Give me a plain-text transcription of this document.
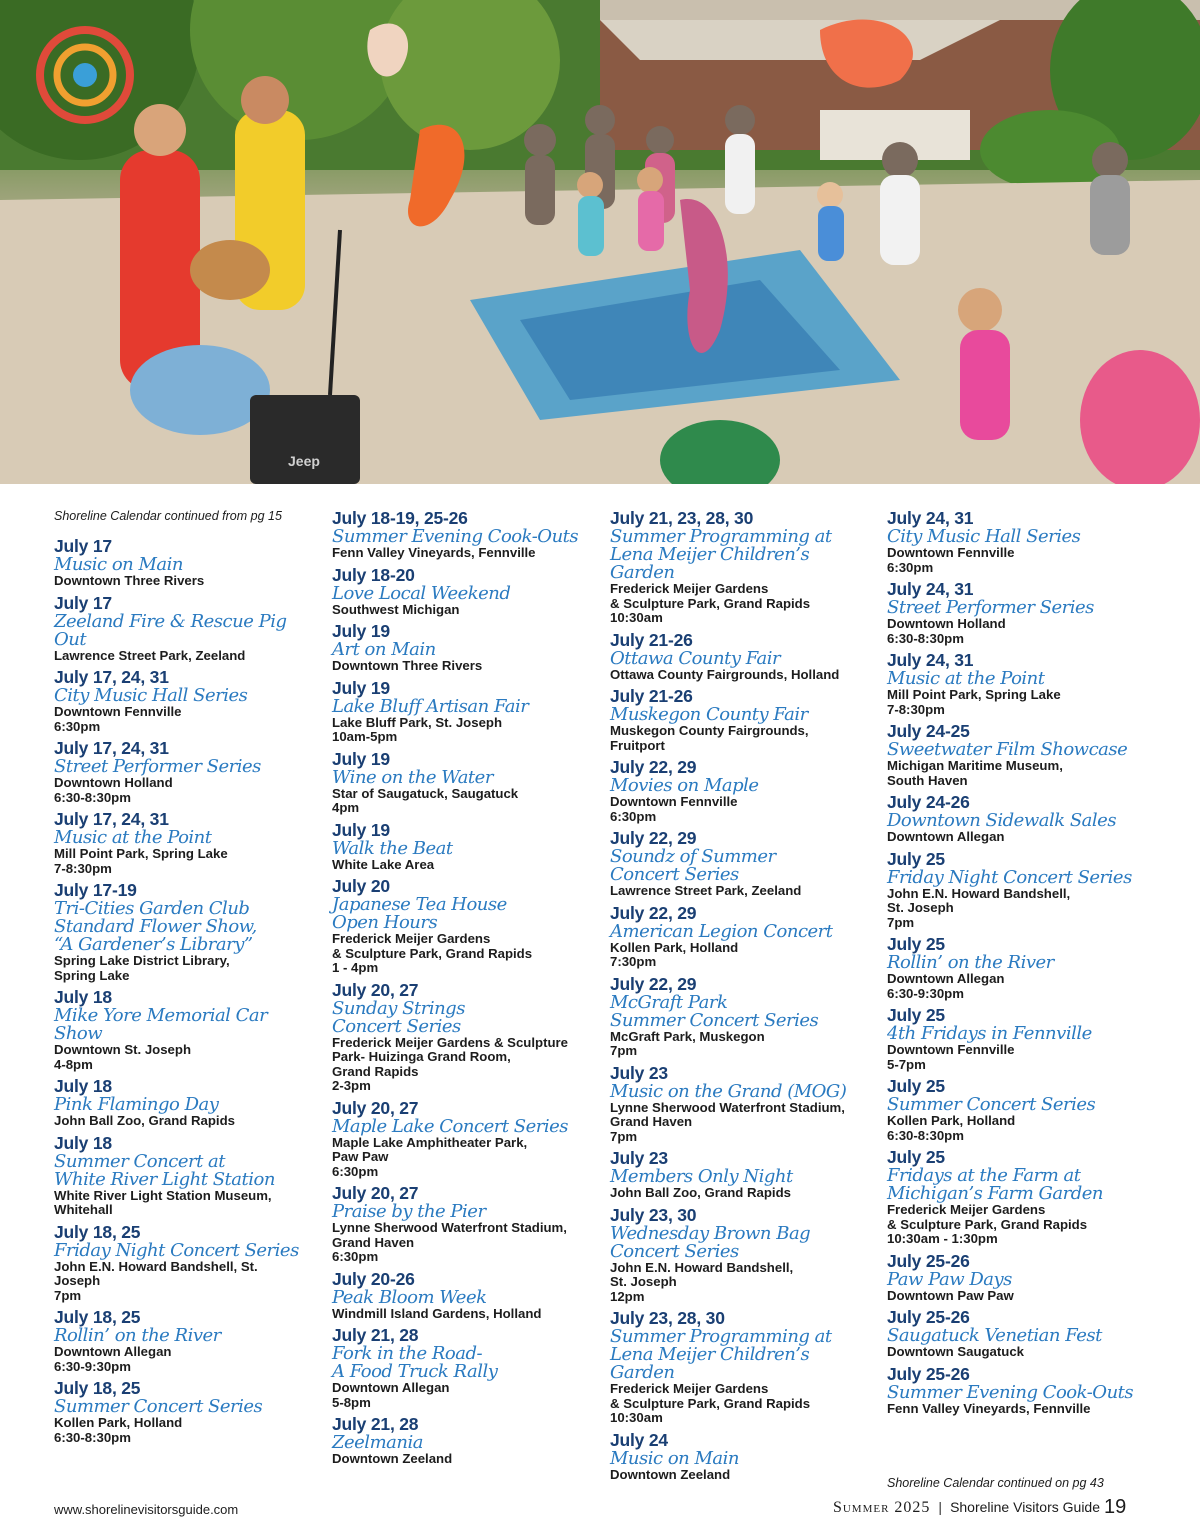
Jeep
Shoreline Calendar continued from pg 15
July 17
Music on Main
Downtown Three Rivers
July 17
Zeeland Fire & Rescue Pig Out
Lawrence Street Park, Zeeland
July 17, 24, 31
City Music Hall Series
Downtown Fennville
6:30pm
July 17, 24, 31
Street Performer Series
Downtown Holland
6:30-8:30pm
July 17, 24, 31
Music at the Point
Mill Point Park, Spring Lake
7-8:30pm
July 17-19
Tri-Cities Garden Club
Standard Flower Show,
“A Gardener’s Library”
Spring Lake District Library,
Spring Lake
July 18
Mike Yore Memorial Car Show
Downtown St. Joseph
4-8pm
July 18
Pink Flamingo Day
John Ball Zoo, Grand Rapids
July 18
Summer Concert at
White River Light Station
White River Light Station Museum,
Whitehall
July 18, 25
Friday Night Concert Series
John E.N. Howard Bandshell, St.
Joseph
7pm
July 18, 25
Rollin’ on the River
Downtown Allegan
6:30-9:30pm
July 18, 25
Summer Concert Series
Kollen Park, Holland
6:30-8:30pm
July 18-19, 25-26
Summer Evening Cook-Outs
Fenn Valley Vineyards, Fennville
July 18-20
Love Local Weekend
Southwest Michigan
July 19
Art on Main
Downtown Three Rivers
July 19
Lake Bluff Artisan Fair
Lake Bluff Park, St. Joseph
10am-5pm
July 19
Wine on the Water
Star of Saugatuck, Saugatuck
4pm
July 19
Walk the Beat
White Lake Area
July 20
Japanese Tea House
Open Hours
Frederick Meijer Gardens
& Sculpture Park, Grand Rapids
1 - 4pm
July 20, 27
Sunday Strings
Concert Series
Frederick Meijer Gardens & Sculpture
Park- Huizinga Grand Room,
Grand Rapids
2-3pm
July 20, 27
Maple Lake Concert Series
Maple Lake Amphitheater Park,
Paw Paw
6:30pm
July 20, 27
Praise by the Pier
Lynne Sherwood Waterfront Stadium,
Grand Haven
6:30pm
July 20-26
Peak Bloom Week
Windmill Island Gardens, Holland
July 21, 28
Fork in the Road-
A Food Truck Rally
Downtown Allegan
5-8pm
July 21, 28
Zeelmania
Downtown Zeeland
July 21, 23, 28, 30
Summer Programming at
Lena Meijer Children’s Garden
Frederick Meijer Gardens
& Sculpture Park, Grand Rapids
10:30am
July 21-26
Ottawa County Fair
Ottawa County Fairgrounds, Holland
July 21-26
Muskegon County Fair
Muskegon County Fairgrounds,
Fruitport
July 22, 29
Movies on Maple
Downtown Fennville
6:30pm
July 22, 29
Soundz of Summer
Concert Series
Lawrence Street Park, Zeeland
July 22, 29
American Legion Concert
Kollen Park, Holland
7:30pm
July 22, 29
McGraft Park
Summer Concert Series
McGraft Park, Muskegon
7pm
July 23
Music on the Grand (MOG)
Lynne Sherwood Waterfront Stadium,
Grand Haven
7pm
July 23
Members Only Night
John Ball Zoo, Grand Rapids
July 23, 30
Wednesday Brown Bag
Concert Series
John E.N. Howard Bandshell,
St. Joseph
12pm
July 23, 28, 30
Summer Programming at
Lena Meijer Children’s Garden
Frederick Meijer Gardens
& Sculpture Park, Grand Rapids
10:30am
July 24
Music on Main
Downtown Zeeland
July 24, 31
City Music Hall Series
Downtown Fennville
6:30pm
July 24, 31
Street Performer Series
Downtown Holland
6:30-8:30pm
July 24, 31
Music at the Point
Mill Point Park, Spring Lake
7-8:30pm
July 24-25
Sweetwater Film Showcase
Michigan Maritime Museum,
South Haven
July 24-26
Downtown Sidewalk Sales
Downtown Allegan
July 25
Friday Night Concert Series
John E.N. Howard Bandshell,
St. Joseph
7pm
July 25
Rollin’ on the River
Downtown Allegan
6:30-9:30pm
July 25
4th Fridays in Fennville
Downtown Fennville
5-7pm
July 25
Summer Concert Series
Kollen Park, Holland
6:30-8:30pm
July 25
Fridays at the Farm at
Michigan’s Farm Garden
Frederick Meijer Gardens
& Sculpture Park, Grand Rapids
10:30am - 1:30pm
July 25-26
Paw Paw Days
Downtown Paw Paw
July 25-26
Saugatuck Venetian Fest
Downtown Saugatuck
July 25-26
Summer Evening Cook-Outs
Fenn Valley Vineyards, Fennville
Shoreline Calendar continued on pg 43
www.shorelinevisitorsguide.com	Summer 2025 | Shoreline Visitors Guide 19
